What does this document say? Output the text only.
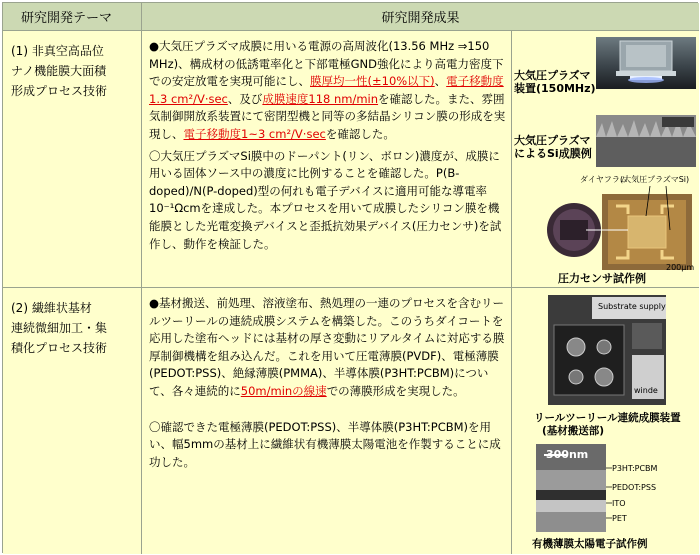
研究開発テーマ	研究開発成果
(1) 非真空高品位
ナノ機能膜大面積
形成プロセス技術
●大気圧プラズマ成膜に用いる電源の高周波化(13.56 MHz ⇒150 MHz)、構成材の低誘電率化と下部電極GND強化により高電力密度下での安定放電を実現可能にし、膜厚均一性(±10%以下)、電子移動度 1.3 cm²/V·sec、及び成膜速度118 nm/minを確認した。また、雰囲気制御開放系装置にて密閉型機と同等の多結晶シリコン膜の形成を実現し、電子移動度1~3 cm²/V·secを確認した。
〇大気圧プラズマSi膜中のドーパント(リン、ボロン)濃度が、成膜に用いる固体ソース中の濃度に比例することを確認した。P(B-doped)/N(P-doped)型の何れも電子デバイスに適用可能な導電率10⁻¹Ωcmを達成した。本プロセスを用いて成膜したシリコン膜を機能膜とした光電変換デバイスと歪抵抗効果デバイス(圧力センサ)を試作し、動作を検証した。
大気圧プラズマ
装置(150MHz)
大気圧プラズマ
によるSi成膜例
ダイヤフラム
(大気圧プラズマSi)
200μm
圧力センサ試作例
(2) 繊維状基材
連続微細加工・集
積化プロセス技術
●基材搬送、前処理、溶液塗布、熱処理の一連のプロセスを含むリールツーリールの連続成膜システムを構築した。このうちダイコートを応用した塗布ヘッドには基材の厚さ変動にリアルタイムに対応する膜厚制御機構を組み込んだ。これを用いて圧電薄膜(PVDF)、電極薄膜(PEDOT:PSS)、絶縁薄膜(PMMA)、半導体膜(P3HT:PCBM)について、各々連続的に50m/minの線速での薄膜形成を実現した。
〇確認できた電極薄膜(PEDOT:PSS)、半導体膜(P3HT:PCBM)を用い、幅5mmの基材上に繊維状有機薄膜太陽電池を作製することに成功した。
Substrate supply
winde
リールツーリール連続成膜装置
(基材搬送部)
300nm
P3HT:PCBM
PEDOT:PSS
ITO
PET
有機薄膜太陽電子試作例
